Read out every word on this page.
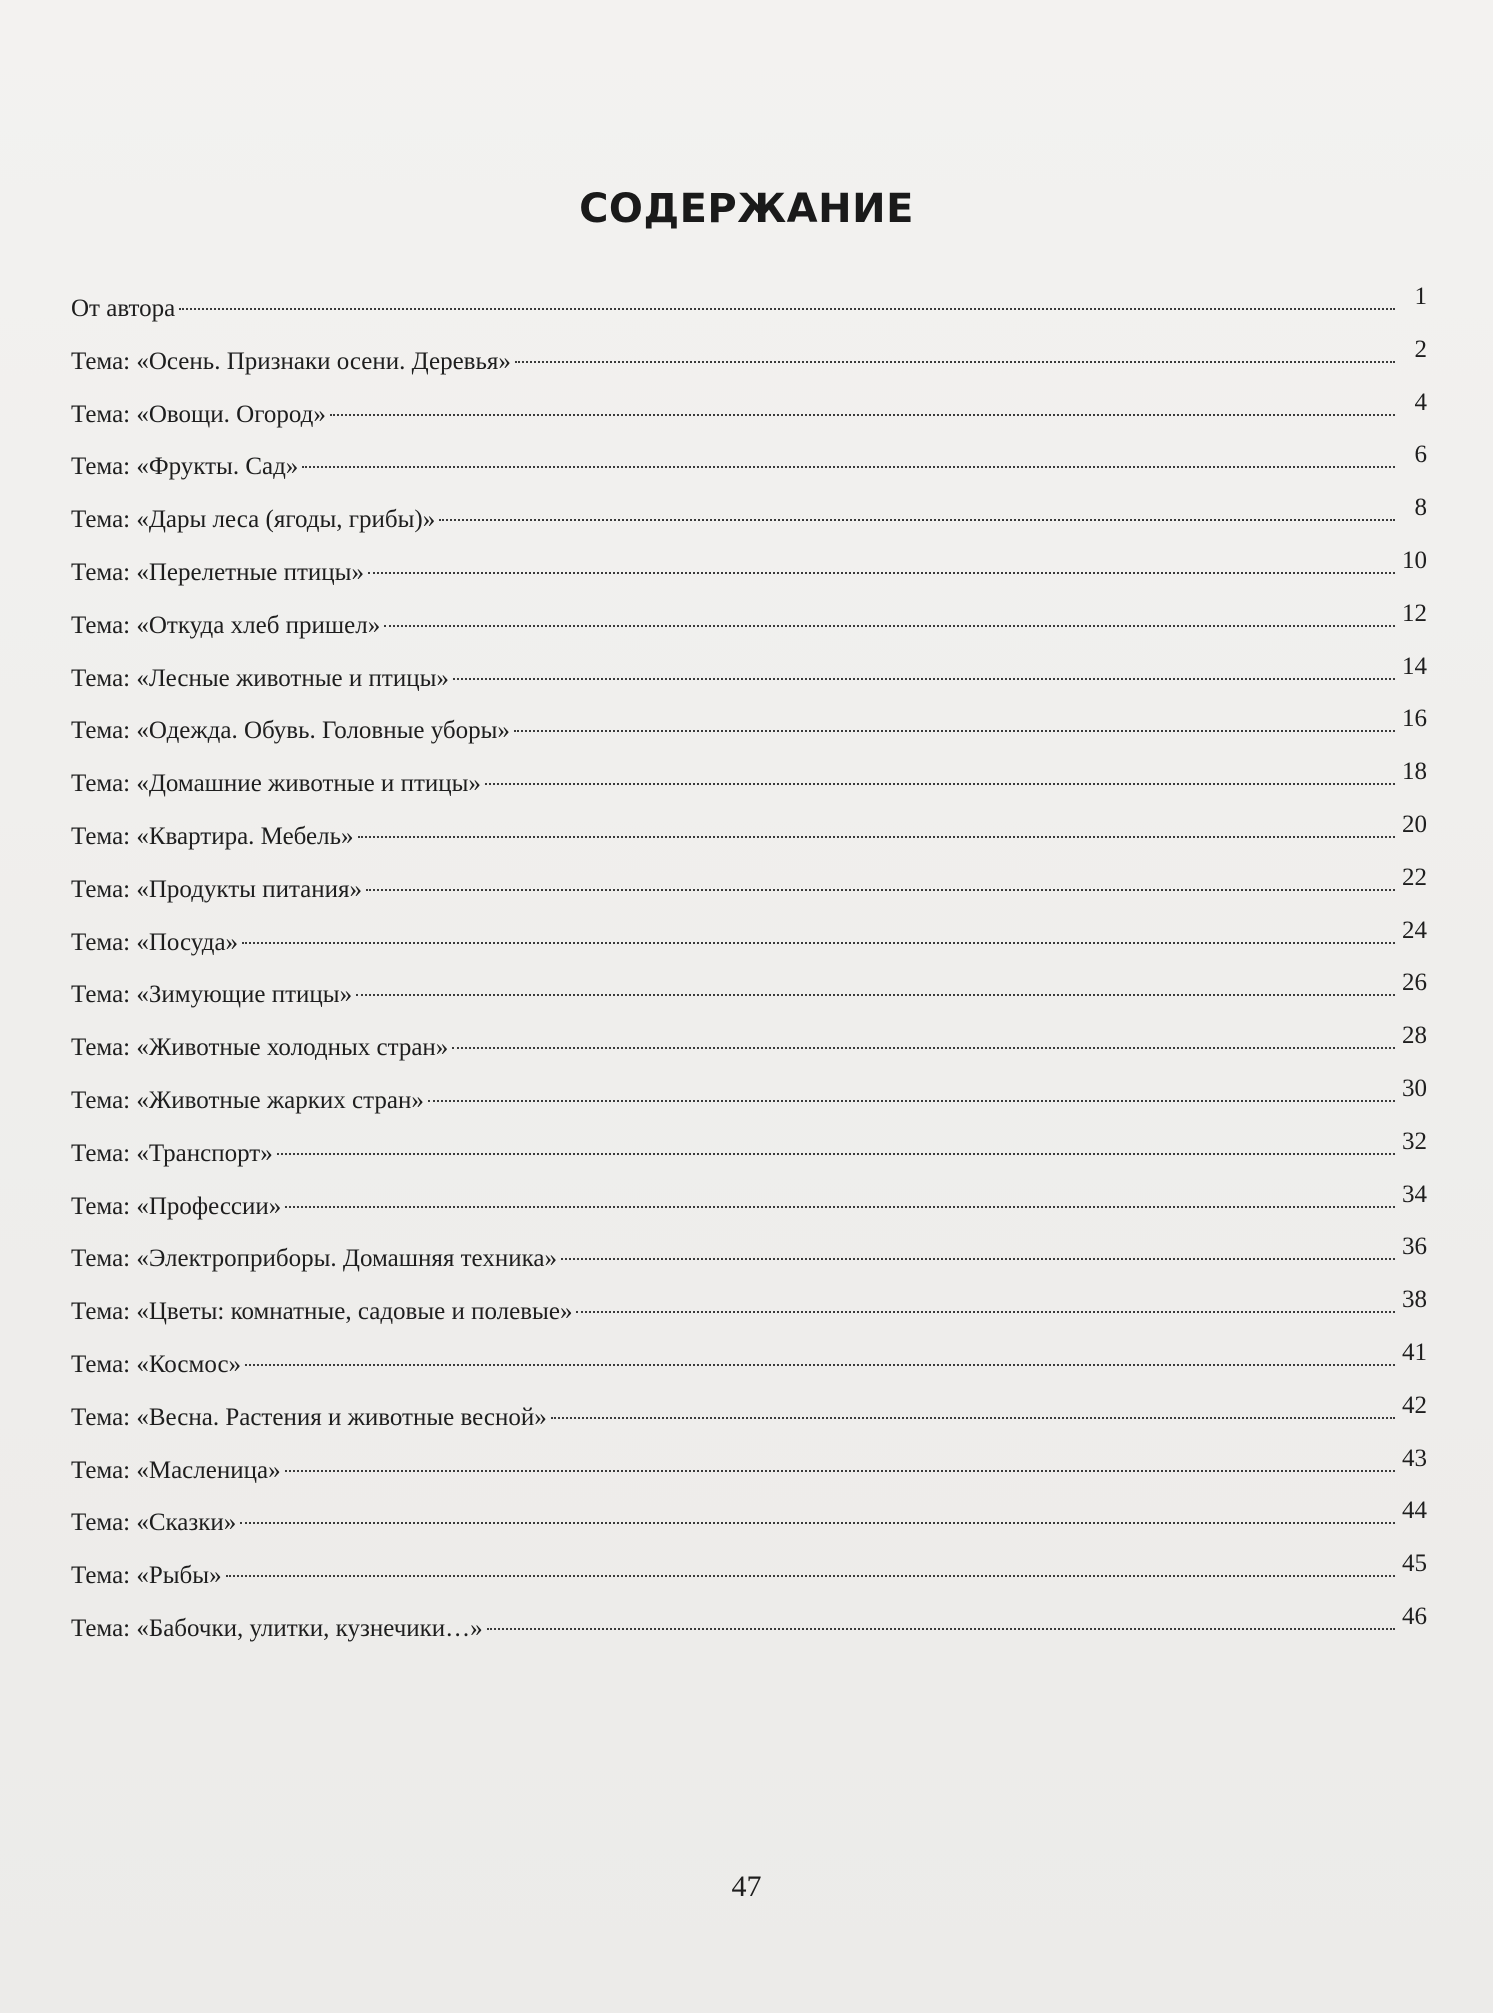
СОДЕРЖАНИЕ
От автора	1
Тема: «Осень. Признаки осени. Деревья»	2
Тема: «Овощи. Огород»	4
Тема: «Фрукты. Сад»	6
Тема: «Дары леса (ягоды, грибы)»	8
Тема: «Перелетные птицы»	10
Тема: «Откуда хлеб пришел»	12
Тема: «Лесные животные и птицы»	14
Тема: «Одежда. Обувь. Головные уборы»	16
Тема: «Домашние животные и птицы»	18
Тема: «Квартира. Мебель»	20
Тема: «Продукты питания»	22
Тема: «Посуда»	24
Тема: «Зимующие птицы»	26
Тема: «Животные холодных стран»	28
Тема: «Животные жарких стран»	30
Тема: «Транспорт»	32
Тема: «Профессии»	34
Тема: «Электроприборы. Домашняя техника»	36
Тема: «Цветы: комнатные, садовые и полевые»	38
Тема: «Космос»	41
Тема: «Весна. Растения и животные весной»	42
Тема: «Масленица»	43
Тема: «Сказки»	44
Тема: «Рыбы»	45
Тема: «Бабочки, улитки, кузнечики…»	46
47
